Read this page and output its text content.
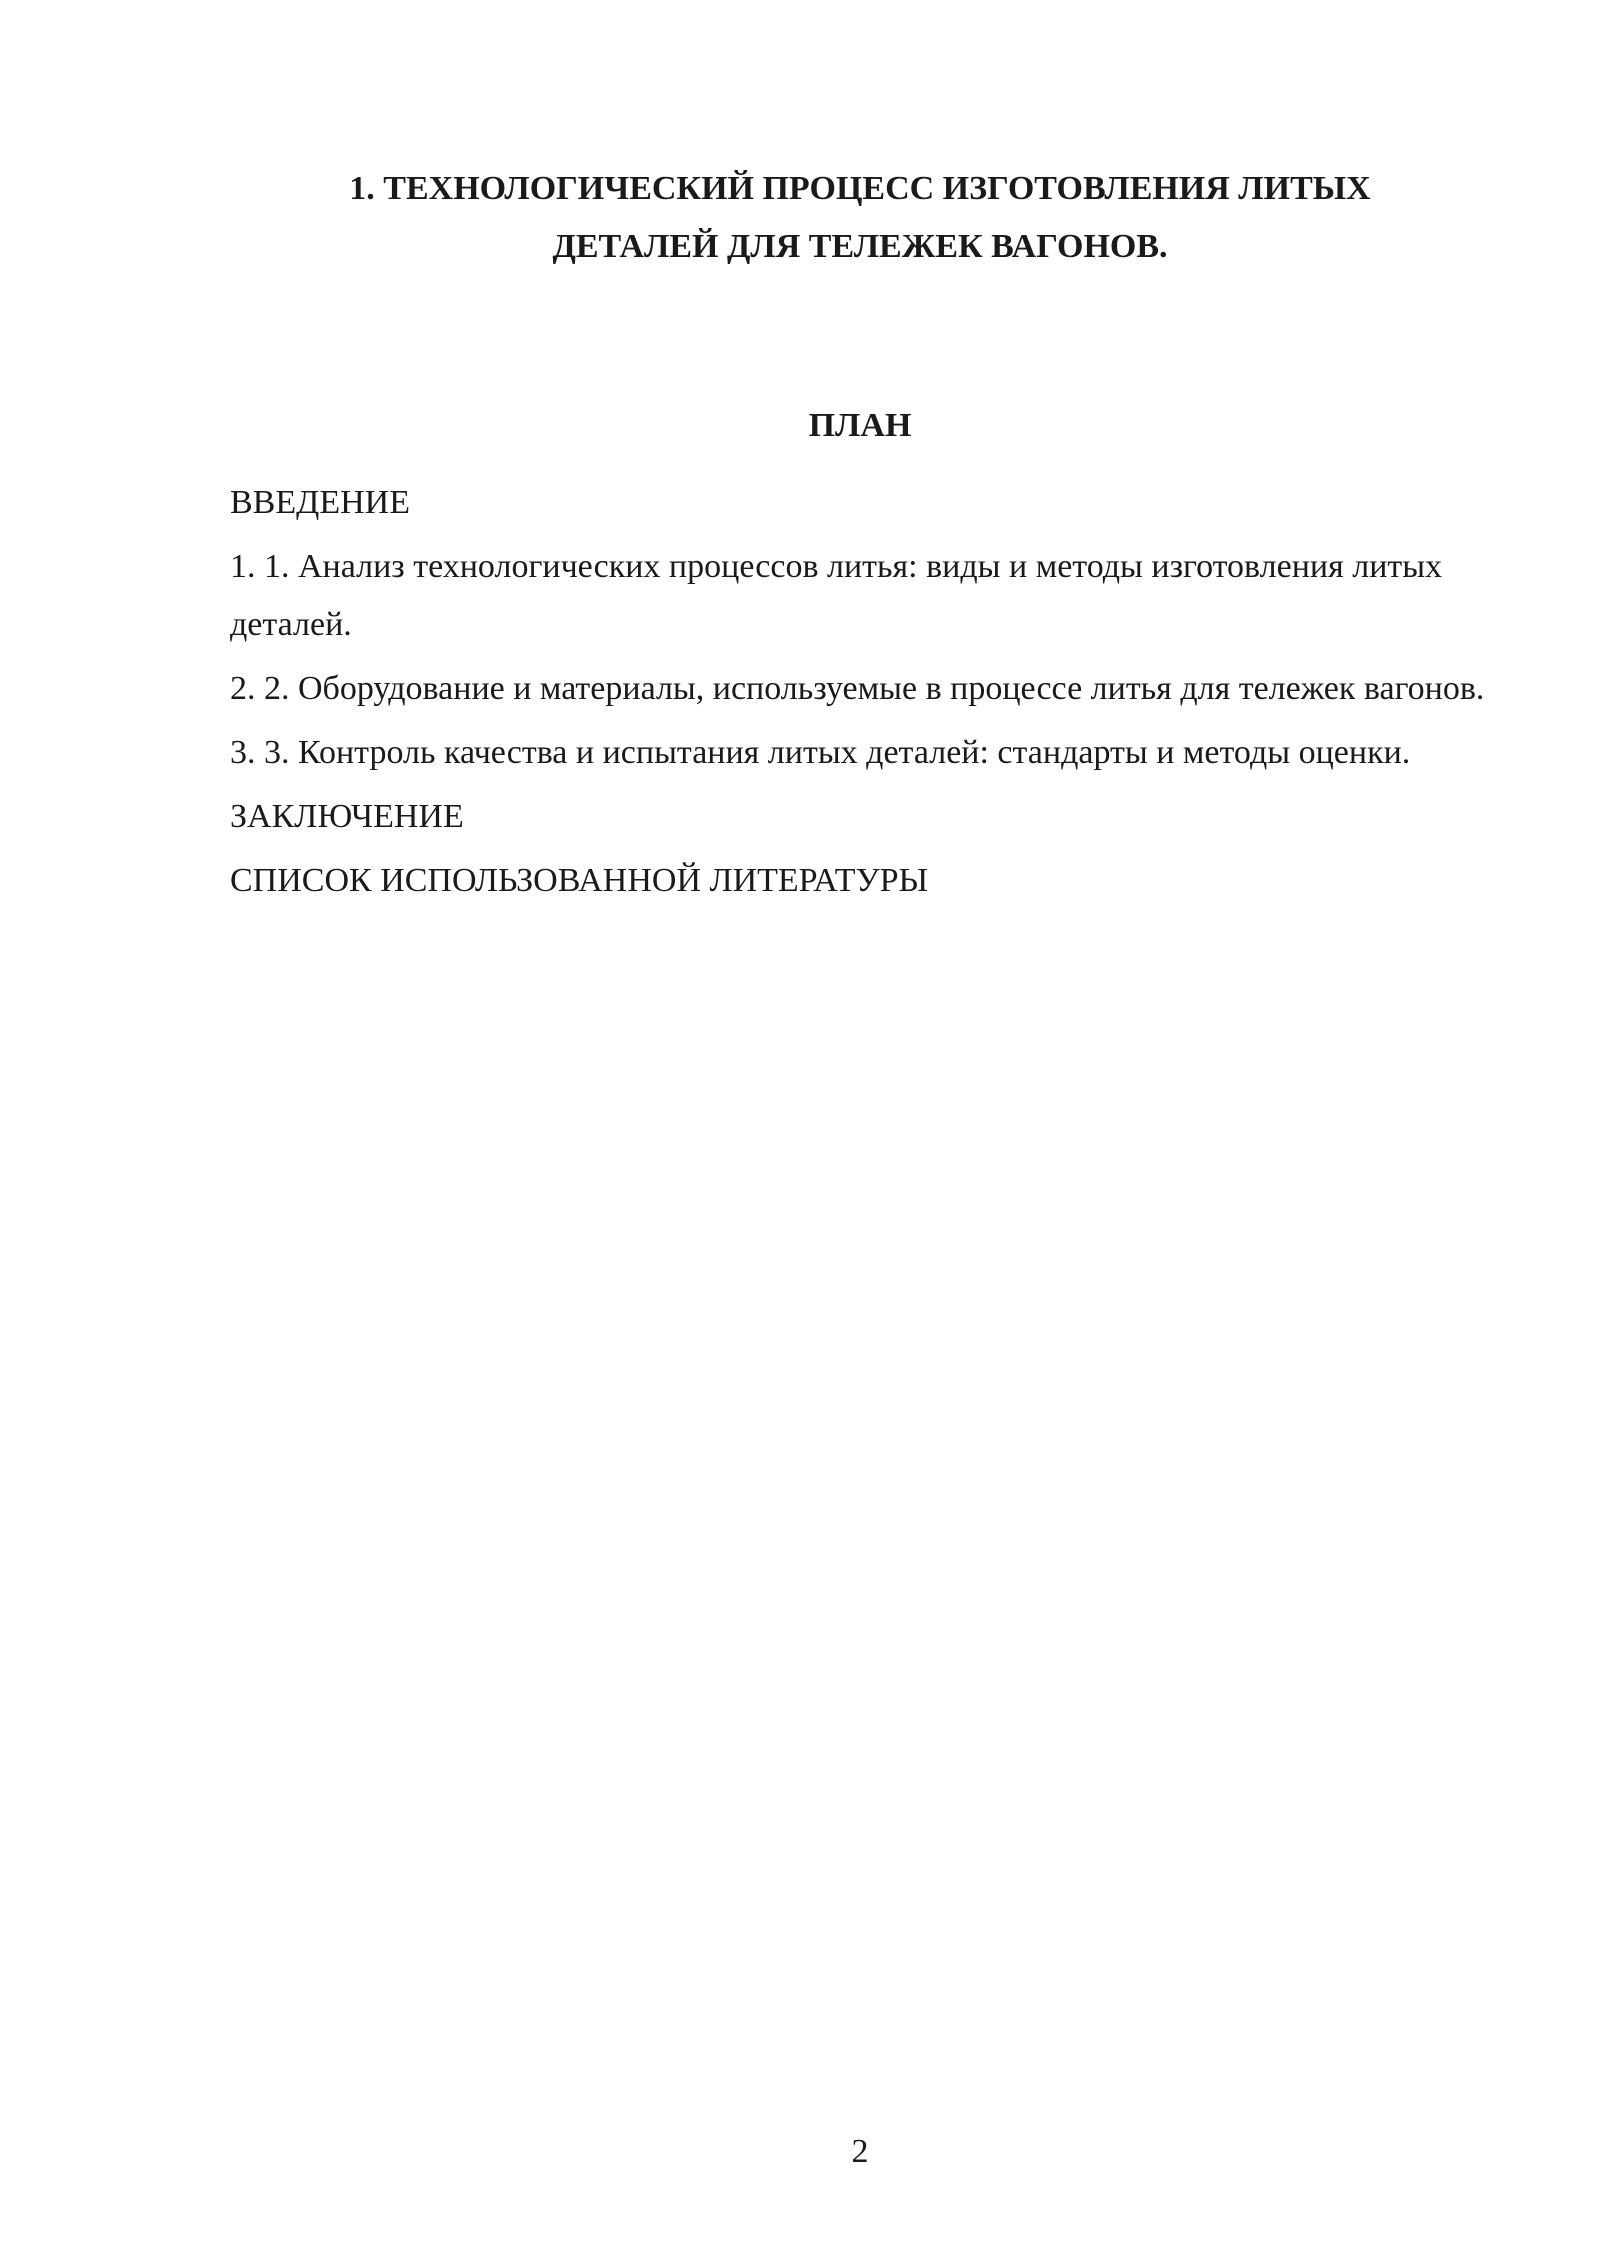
1. ТЕХНОЛОГИЧЕСКИЙ ПРОЦЕСС ИЗГОТОВЛЕНИЯ ЛИТЫХ
ДЕТАЛЕЙ ДЛЯ ТЕЛЕЖЕК ВАГОНОВ.
ПЛАН
ВВЕДЕНИЕ
1. 1. Анализ технологических процессов литья: виды и методы изготовления литых деталей.
2. 2. Оборудование и материалы, используемые в процессе литья для тележек вагонов.
3. 3. Контроль качества и испытания литых деталей: стандарты и методы оценки.
ЗАКЛЮЧЕНИЕ
СПИСОК ИСПОЛЬЗОВАННОЙ ЛИТЕРАТУРЫ
2
